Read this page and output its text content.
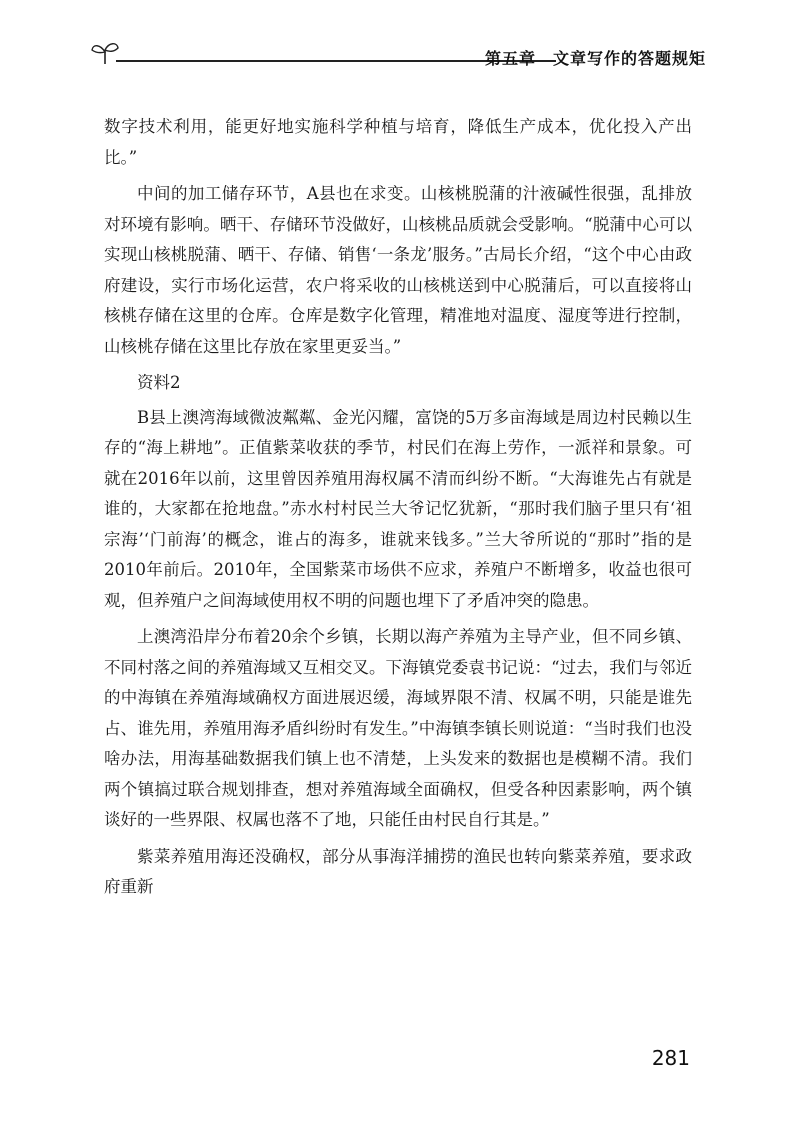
第五章　文章写作的答题规矩

数字技术利用，能更好地实施科学种植与培育，降低生产成本，优化投入产出比。”

中间的加工储存环节，A县也在求变。山核桃脱蒲的汁液碱性很强，乱排放对环境有影响。晒干、存储环节没做好，山核桃品质就会受影响。“脱蒲中心可以实现山核桃脱蒲、晒干、存储、销售‘一条龙’服务。”古局长介绍，“这个中心由政府建设，实行市场化运营，农户将采收的山核桃送到中心脱蒲后，可以直接将山核桃存储在这里的仓库。仓库是数字化管理，精准地对温度、湿度等进行控制，山核桃存储在这里比存放在家里更妥当。”

资料2

B县上澳湾海域微波粼粼、金光闪耀，富饶的5万多亩海域是周边村民赖以生存的“海上耕地”。正值紫菜收获的季节，村民们在海上劳作，一派祥和景象。可就在2016年以前，这里曾因养殖用海权属不清而纠纷不断。“大海谁先占有就是谁的，大家都在抢地盘。”赤水村村民兰大爷记忆犹新，“那时我们脑子里只有‘祖宗海’‘门前海’的概念，谁占的海多，谁就来钱多。”兰大爷所说的“那时”指的是2010年前后。2010年，全国紫菜市场供不应求，养殖户不断增多，收益也很可观，但养殖户之间海域使用权不明的问题也埋下了矛盾冲突的隐患。

上澳湾沿岸分布着20余个乡镇，长期以海产养殖为主导产业，但不同乡镇、不同村落之间的养殖海域又互相交叉。下海镇党委袁书记说：“过去，我们与邻近的中海镇在养殖海域确权方面进展迟缓，海域界限不清、权属不明，只能是谁先占、谁先用，养殖用海矛盾纠纷时有发生。”中海镇李镇长则说道：“当时我们也没啥办法，用海基础数据我们镇上也不清楚，上头发来的数据也是模糊不清。我们两个镇搞过联合规划排查，想对养殖海域全面确权，但受各种因素影响，两个镇谈好的一些界限、权属也落不了地，只能任由村民自行其是。”

紫菜养殖用海还没确权，部分从事海洋捕捞的渔民也转向紫菜养殖，要求政府重新

281
